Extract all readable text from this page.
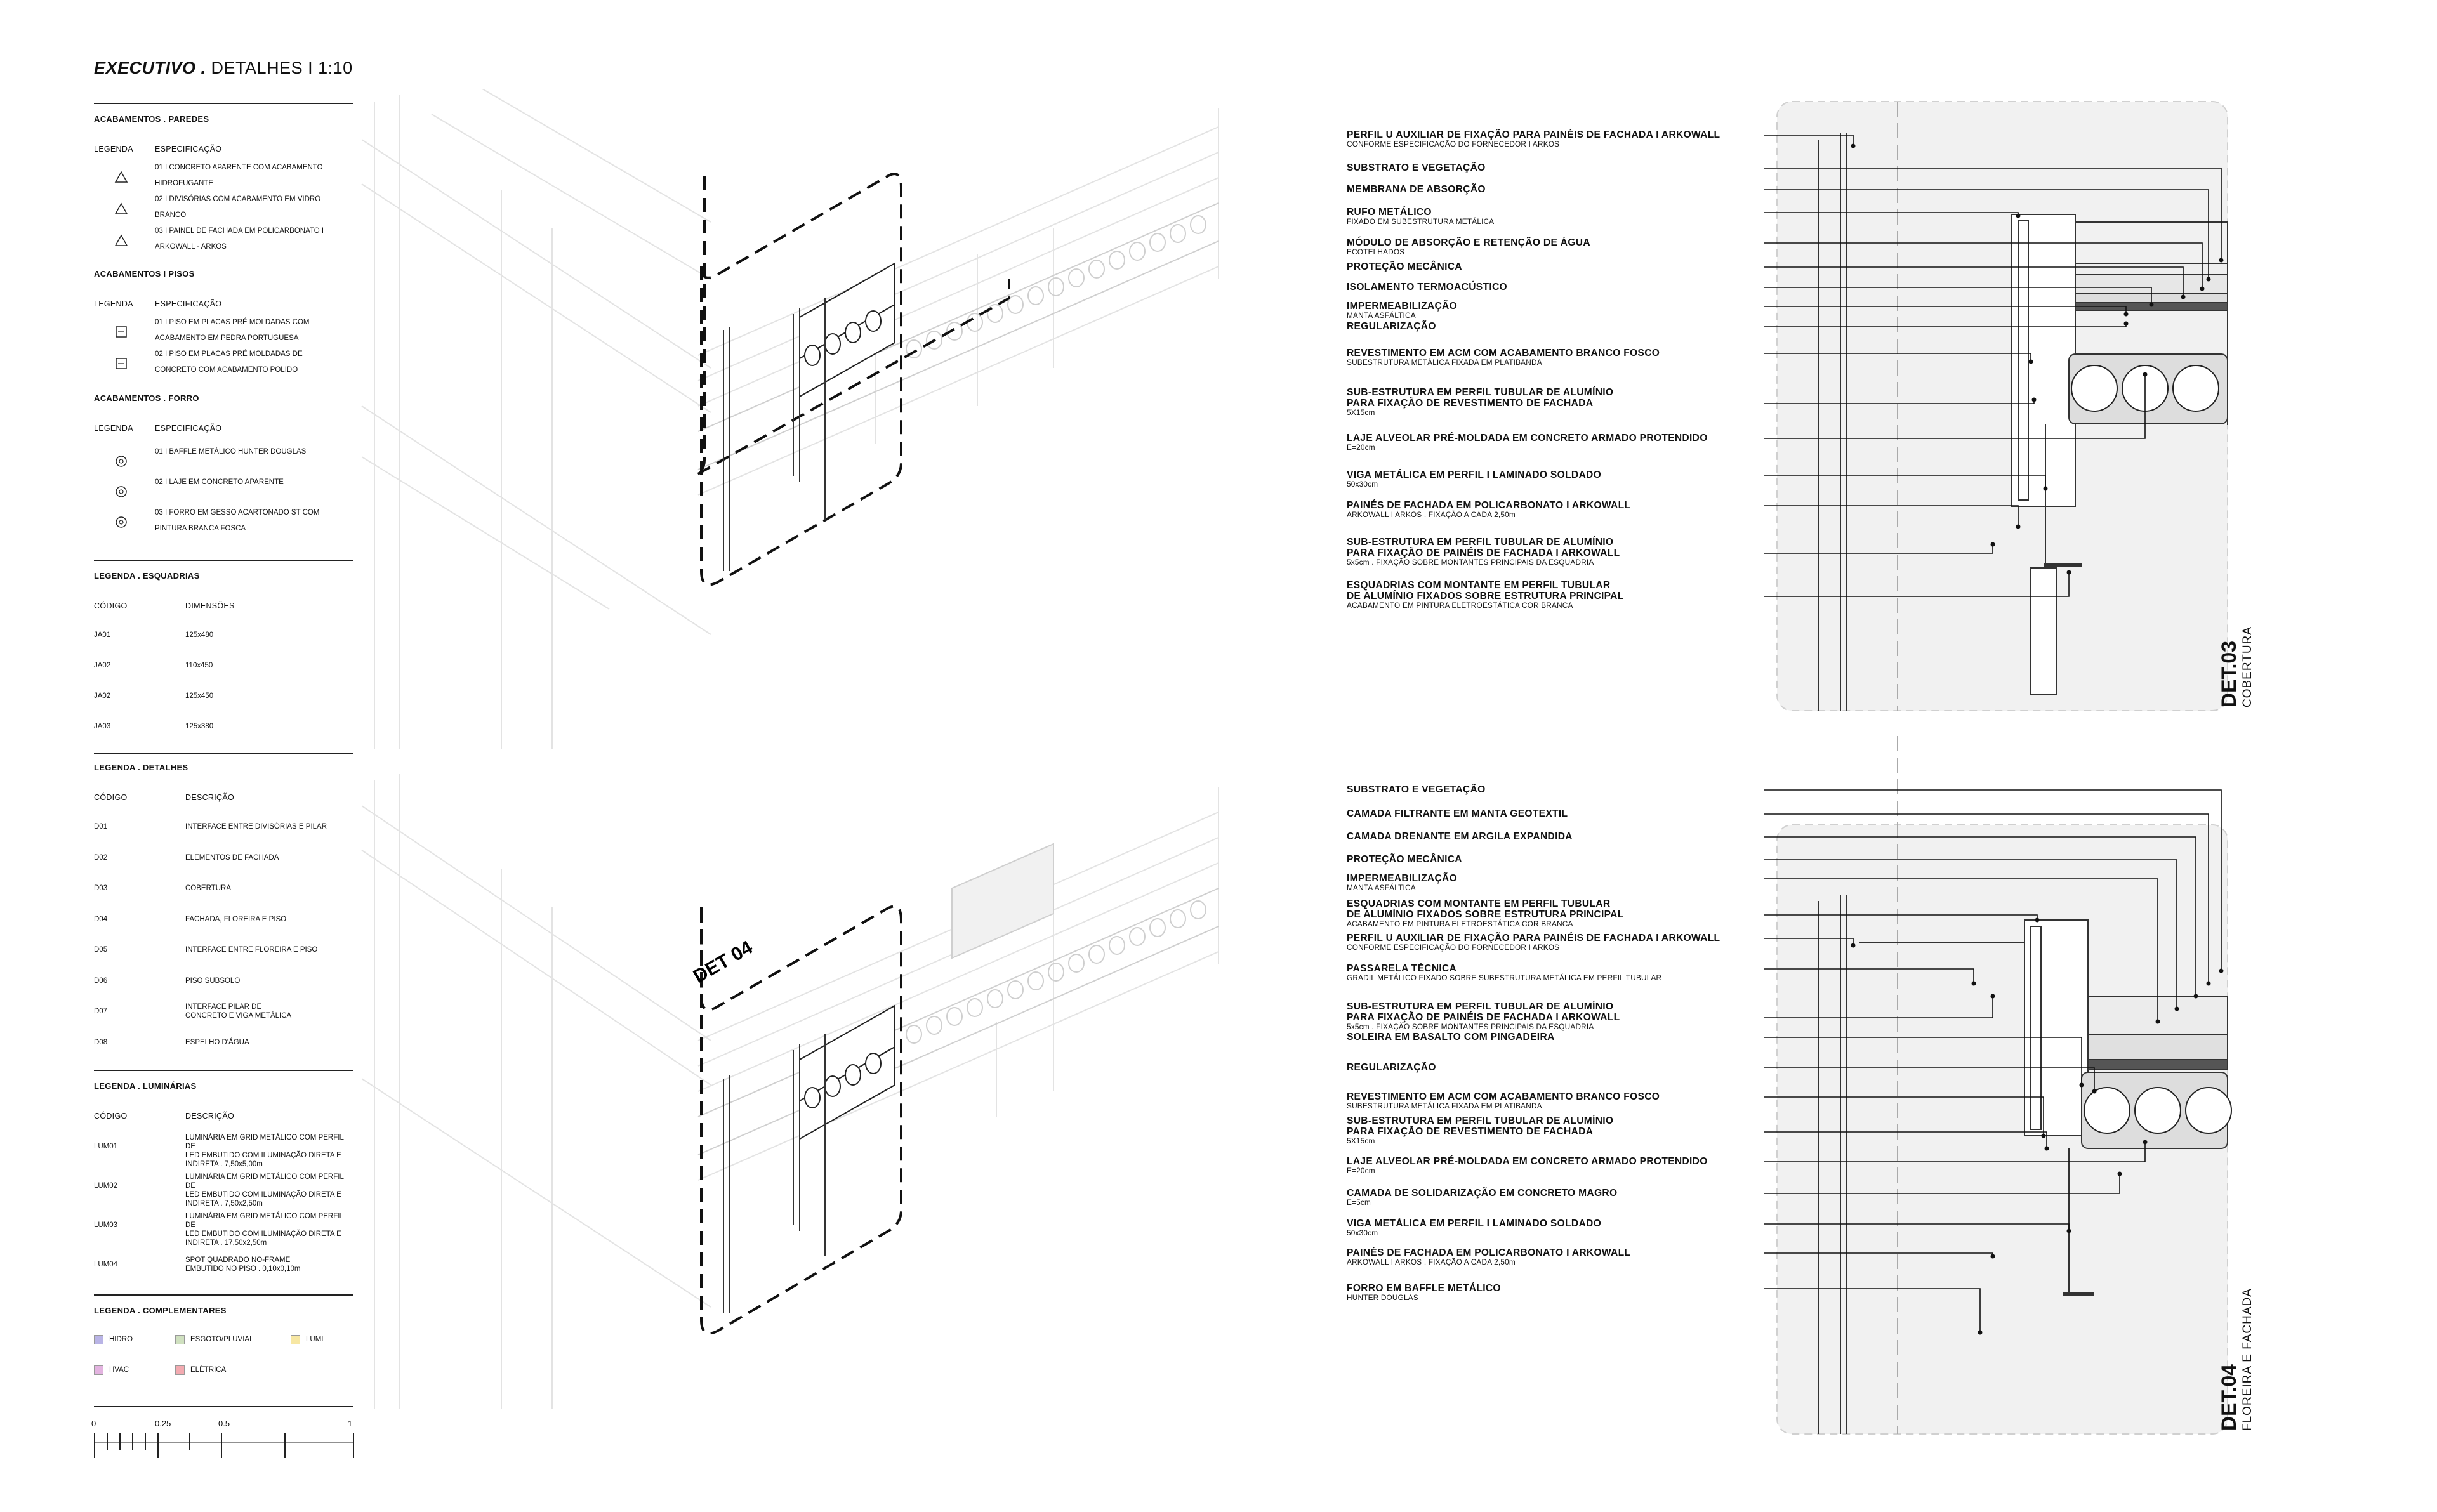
EXECUTIVO . DETALHES I 1:10
ACABAMENTOS . PAREDES
LEGENDA	ESPECIFICAÇÃO
01 I CONCRETO APARENTE COM ACABAMENTO
HIDROFUGANTE
02 I DIVISÓRIAS COM ACABAMENTO EM VIDRO
BRANCO
03 I PAINEL DE FACHADA EM POLICARBONATO I
ARKOWALL - ARKOS
ACABAMENTOS I PISOS
LEGENDA	ESPECIFICAÇÃO
01 I PISO EM PLACAS PRÉ MOLDADAS COM
ACABAMENTO EM PEDRA PORTUGUESA
02 I PISO EM PLACAS PRÉ MOLDADAS DE
CONCRETO COM ACABAMENTO POLIDO
ACABAMENTOS . FORRO
LEGENDA	ESPECIFICAÇÃO
01 I BAFFLE METÁLICO HUNTER DOUGLAS
02 I LAJE EM CONCRETO APARENTE
03 I FORRO EM GESSO ACARTONADO ST COM
PINTURA BRANCA FOSCA
LEGENDA . ESQUADRIAS
CÓDIGO	DIMENSÕES
JA01	125x480
JA02	110x450
JA02	125x450
JA03	125x380
LEGENDA . DETALHES
CÓDIGO	DESCRIÇÃO
D01	INTERFACE ENTRE DIVISÓRIAS E PILAR
D02	ELEMENTOS DE FACHADA
D03	COBERTURA
D04	FACHADA, FLOREIRA E PISO
D05	INTERFACE ENTRE FLOREIRA E PISO
D06	PISO SUBSOLO
D07
INTERFACE PILAR DE
CONCRETO E VIGA METÁLICA
D08	ESPELHO D'ÁGUA
LEGENDA . LUMINÁRIAS
CÓDIGO	DESCRIÇÃO
LUM01
LUMINÁRIA EM GRID METÁLICO COM PERFIL DE
LED EMBUTIDO COM ILUMINAÇÃO DIRETA E
INDIRETA . 7,50x5,00m
LUM02
LUMINÁRIA EM GRID METÁLICO COM PERFIL DE
LED EMBUTIDO COM ILUMINAÇÃO DIRETA E
INDIRETA . 7,50x2,50m
LUM03
LUMINÁRIA EM GRID METÁLICO COM PERFIL DE
LED EMBUTIDO COM ILUMINAÇÃO DIRETA E
INDIRETA . 17,50x2,50m
LUM04
SPOT QUADRADO NO-FRAME
EMBUTIDO NO PISO . 0,10x0,10m
LEGENDA . COMPLEMENTARES
HIDRO	ESGOTO/PLUVIAL	LUMI
HVAC	ELÉTRICA
0	0.25	0.5	1
DET 04
PERFIL U AUXILIAR DE FIXAÇÃO PARA PAINÉIS DE FACHADA I ARKOWALL
CONFORME ESPECIFICAÇÃO DO FORNECEDOR I ARKOS
SUBSTRATO E VEGETAÇÃO
MEMBRANA DE ABSORÇÃO
RUFO METÁLICO
FIXADO EM SUBESTRUTURA METÁLICA
MÓDULO DE ABSORÇÃO E RETENÇÃO DE ÁGUA
ECOTELHADOS
PROTEÇÃO MECÂNICA
ISOLAMENTO TERMOACÚSTICO
IMPERMEABILIZAÇÃO
MANTA ASFÁLTICA
REGULARIZAÇÃO
REVESTIMENTO EM ACM COM ACABAMENTO BRANCO FOSCO
SUBESTRUTURA METÁLICA FIXADA EM PLATIBANDA
SUB-ESTRUTURA EM PERFIL TUBULAR DE ALUMÍNIO
PARA FIXAÇÃO DE REVESTIMENTO DE FACHADA
5X15cm
LAJE ALVEOLAR PRÉ-MOLDADA EM CONCRETO ARMADO PROTENDIDO
E=20cm
VIGA METÁLICA EM PERFIL I LAMINADO SOLDADO
50x30cm
PAINÉS DE FACHADA EM POLICARBONATO I ARKOWALL
ARKOWALL I ARKOS . FIXAÇÃO A CADA 2,50m
SUB-ESTRUTURA EM PERFIL TUBULAR DE ALUMÍNIO
PARA FIXAÇÃO DE PAINÉIS DE FACHADA I ARKOWALL
5x5cm . FIXAÇÃO SOBRE MONTANTES PRINCIPAIS DA ESQUADRIA
ESQUADRIAS COM MONTANTE EM PERFIL TUBULAR
DE ALUMÍNIO FIXADOS SOBRE ESTRUTURA PRINCIPAL
ACABAMENTO EM PINTURA ELETROESTÁTICA COR BRANCA
SUBSTRATO E VEGETAÇÃO
CAMADA FILTRANTE EM MANTA GEOTEXTIL
CAMADA DRENANTE EM ARGILA EXPANDIDA
PROTEÇÃO MECÂNICA
IMPERMEABILIZAÇÃO
MANTA ASFÁLTICA
ESQUADRIAS COM MONTANTE EM PERFIL TUBULAR
DE ALUMÍNIO FIXADOS SOBRE ESTRUTURA PRINCIPAL
ACABAMENTO EM PINTURA ELETROESTÁTICA COR BRANCA
PERFIL U AUXILIAR DE FIXAÇÃO PARA PAINÉIS DE FACHADA I ARKOWALL
CONFORME ESPECIFICAÇÃO DO FORNECEDOR I ARKOS
PASSARELA TÉCNICA
GRADIL METÁLICO FIXADO SOBRE SUBESTRUTURA METÁLICA EM PERFIL TUBULAR
SUB-ESTRUTURA EM PERFIL TUBULAR DE ALUMÍNIO
PARA FIXAÇÃO DE PAINÉIS DE FACHADA I ARKOWALL
5x5cm . FIXAÇÃO SOBRE MONTANTES PRINCIPAIS DA ESQUADRIA
SOLEIRA EM BASALTO COM PINGADEIRA
REGULARIZAÇÃO
REVESTIMENTO EM ACM COM ACABAMENTO BRANCO FOSCO
SUBESTRUTURA METÁLICA FIXADA EM PLATIBANDA
SUB-ESTRUTURA EM PERFIL TUBULAR DE ALUMÍNIO
PARA FIXAÇÃO DE REVESTIMENTO DE FACHADA
5X15cm
LAJE ALVEOLAR PRÉ-MOLDADA EM CONCRETO ARMADO PROTENDIDO
E=20cm
CAMADA DE SOLIDARIZAÇÃO EM CONCRETO MAGRO
E=5cm
VIGA METÁLICA EM PERFIL I LAMINADO SOLDADO
50x30cm
PAINÉS DE FACHADA EM POLICARBONATO I ARKOWALL
ARKOWALL I ARKOS . FIXAÇÃO A CADA 2,50m
FORRO EM BAFFLE METÁLICO
HUNTER DOUGLAS
DET.03
COBERTURA
DET.04
FLOREIRA E FACHADA
